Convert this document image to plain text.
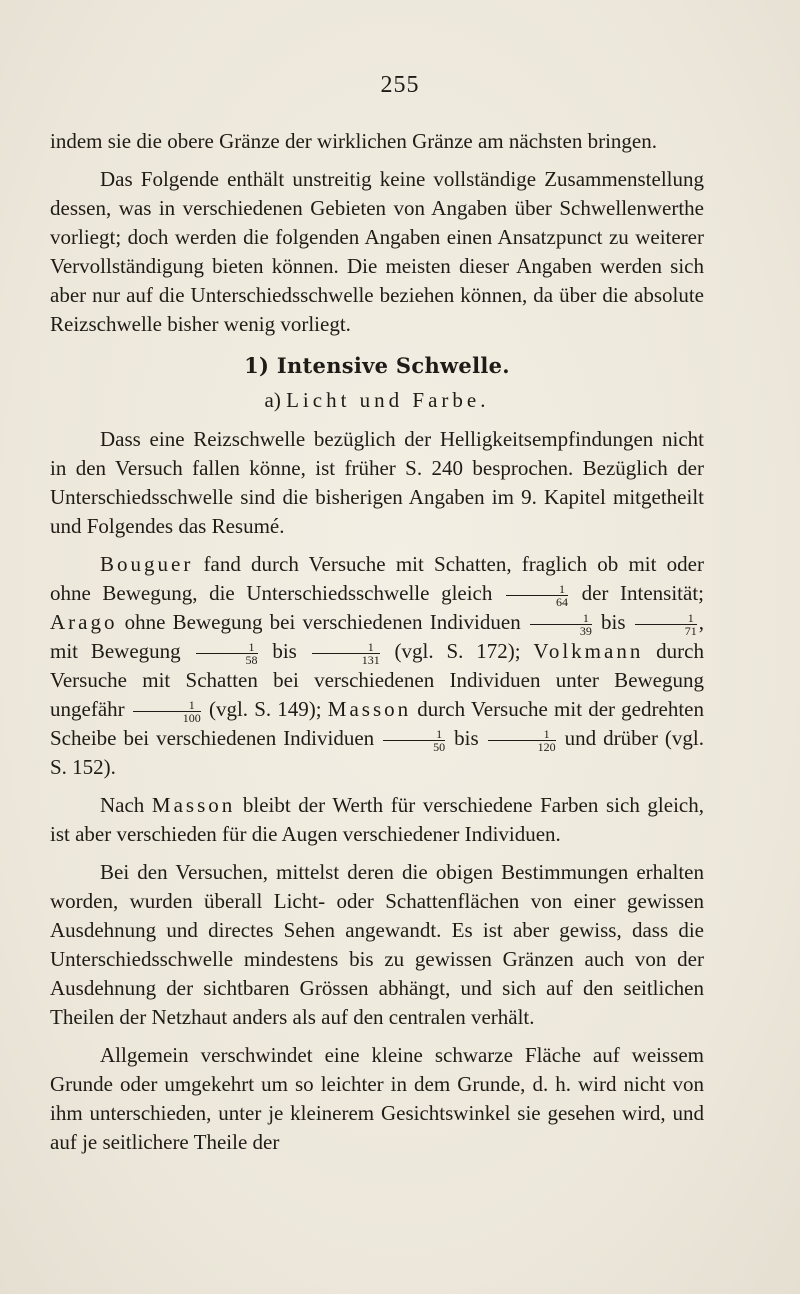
255

indem sie die obere Gränze der wirklichen Gränze am nächsten bringen.

Das Folgende enthält unstreitig keine vollständige Zusammenstellung dessen, was in verschiedenen Gebieten von Angaben über Schwellenwerthe vorliegt; doch werden die folgenden Angaben einen Ansatzpunct zu weiterer Vervollständigung bieten können. Die meisten dieser Angaben werden sich aber nur auf die Unterschiedsschwelle beziehen können, da über die absolute Reizschwelle bisher wenig vorliegt.

1) Intensive Schwelle.
a) Licht und Farbe.

Dass eine Reizschwelle bezüglich der Helligkeitsempfindungen nicht in den Versuch fallen könne, ist früher S. 240 besprochen. Bezüglich der Unterschiedsschwelle sind die bisherigen Angaben im 9. Kapitel mitgetheilt und Folgendes das Resumé.

Bouguer fand durch Versuche mit Schatten, fraglich ob mit oder ohne Bewegung, die Unterschiedsschwelle gleich $\frac{1}{64}$ der Intensität; Arago ohne Bewegung bei verschiedenen Individuen $\frac{1}{39}$ bis $\frac{1}{71}$ , mit Bewegung $\frac{1}{58}$ bis $\frac{1}{131} (vgl$. S. 172); Volkmann durch Versuche mit Schatten bei verschiedenen Individuen unter Bewegung ungefähr $\frac{1}{100} (vgl$. S. 149); Masson durch Versuche mit der gedrehten Scheibe bei verschiedenen Individuen $\frac{1}{50}$ bis $\frac{1}{120}$ und drüber (vgl. S. 152).

Nach Masson bleibt der Werth für verschiedene Farben sich gleich, ist aber verschieden für die Augen verschiedener Individuen.

Bei den Versuchen, mittelst deren die obigen Bestimmungen erhalten worden, wurden überall Licht- oder Schattenflächen von einer gewissen Ausdehnung und directes Sehen angewandt. Es ist aber gewiss, dass die Unterschiedsschwelle mindestens bis zu gewissen Gränzen auch von der Ausdehnung der sichtbaren Grössen abhängt, und sich auf den seitlichen Theilen der Netzhaut anders als auf den centralen verhält.

Allgemein verschwindet eine kleine schwarze Fläche auf weissem Grunde oder umgekehrt um so leichter in dem Grunde, d. h. wird nicht von ihm unterschieden, unter je kleinerem Gesichtswinkel sie gesehen wird, und auf je seitlichere Theile der
